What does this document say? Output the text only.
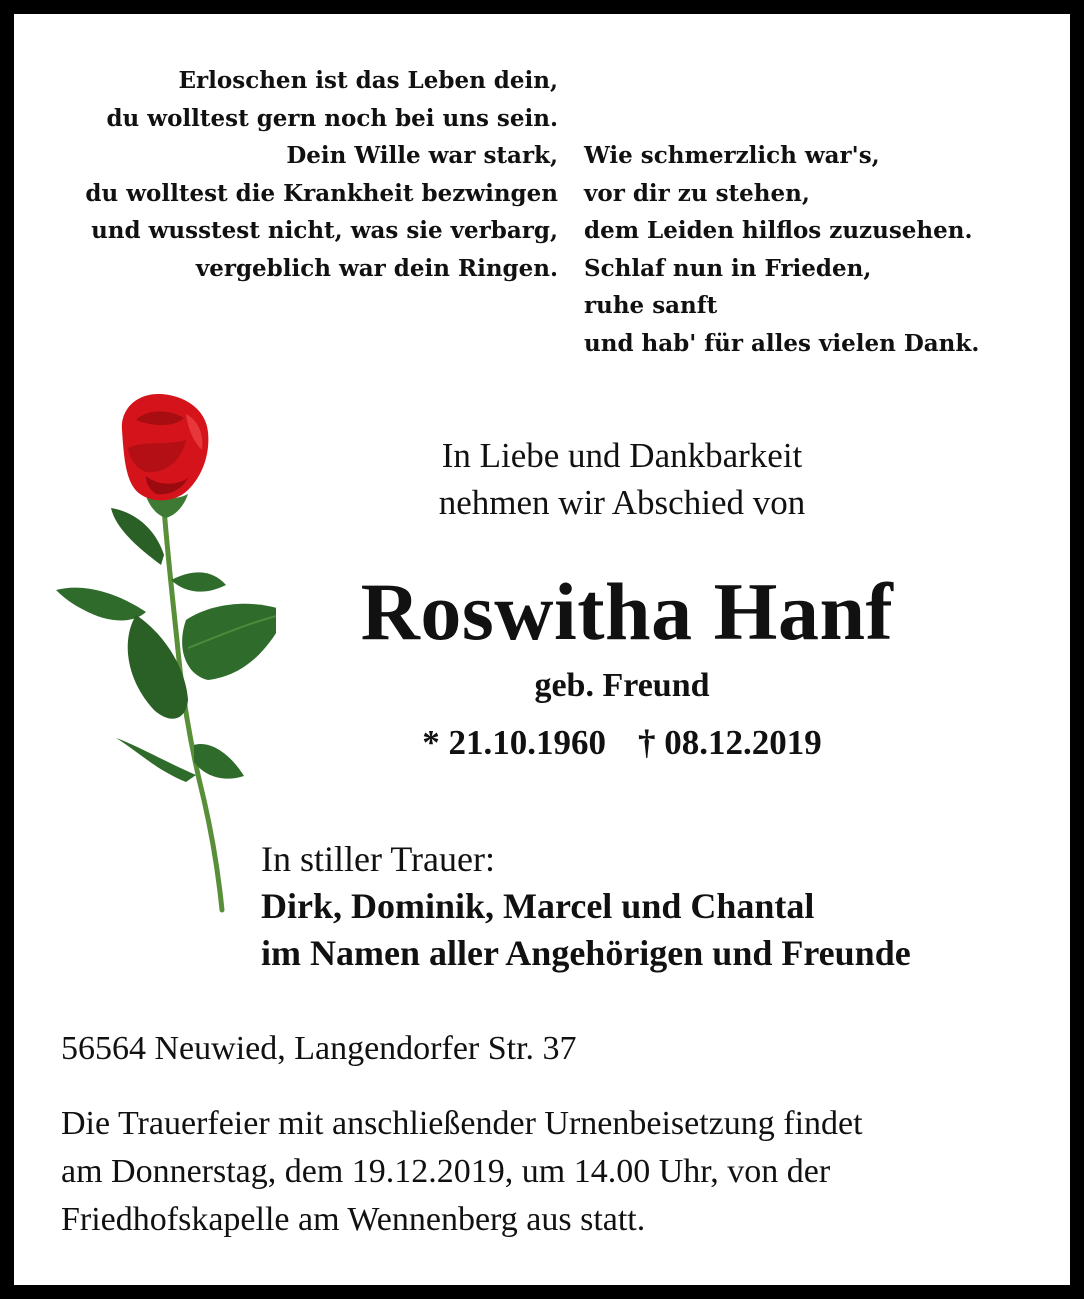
Erloschen ist das Leben dein,
du wolltest gern noch bei uns sein.
Dein Wille war stark,
du wolltest die Krankheit bezwingen
und wusstest nicht, was sie verbarg,
vergeblich war dein Ringen.
Wie schmerzlich war's,
vor dir zu stehen,
dem Leiden hilflos zuzusehen.
Schlaf nun in Frieden,
ruhe sanft
und hab' für alles vielen Dank.
In Liebe und Dankbarkeit
nehmen wir Abschied von
Roswitha Hanf
geb. Freund
* 21.10.1960 † 08.12.2019
In stiller Trauer:
Dirk, Dominik, Marcel und Chantal
im Namen aller Angehörigen und Freunde
56564 Neuwied, Langendorfer Str. 37
Die Trauerfeier mit anschließender Urnenbeisetzung findet
am Donnerstag, dem 19.12.2019, um 14.00 Uhr, von der
Friedhofskapelle am Wennenberg aus statt.
